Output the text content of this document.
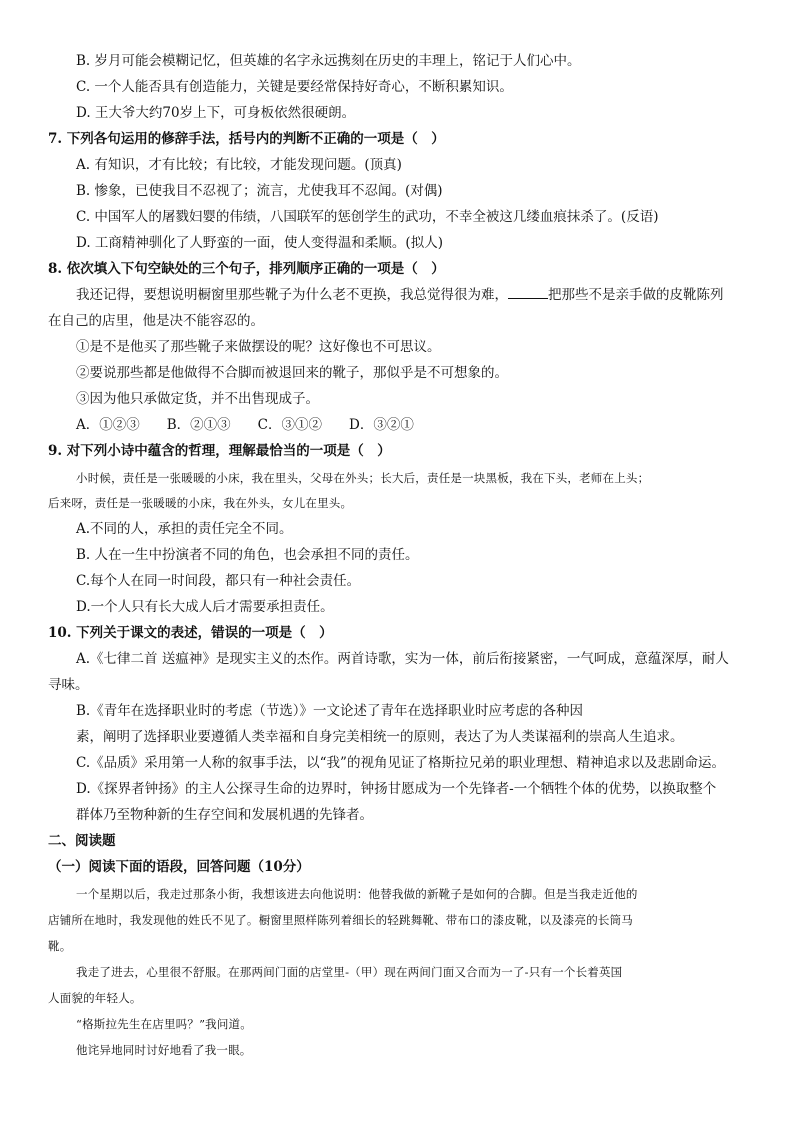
B. 岁月可能会模糊记忆，但英雄的名字永远携刻在历史的丰理上，铭记于人们心中。
C. 一个人能否具有创造能力，关键是要经常保持好奇心，不断积累知识。
D. 王大爷大约70岁上下，可身板依然很硬朗。
7. 下列各句运用的修辞手法，括号内的判断不正确的一项是（　）
A. 有知识，才有比较；有比较，才能发现问题。(顶真)
B. 惨象，已使我目不忍视了；流言，尤使我耳不忍闻。(对偶)
C. 中国军人的屠戮妇婴的伟绩，八国联军的惩创学生的武功，不幸全被这几缕血痕抹杀了。(反语)
D. 工商精神驯化了人野蛮的一面，使人变得温和柔顺。(拟人)
8. 依次填入下句空缺处的三个句子，排列顺序正确的一项是（　）
我还记得，要想说明橱窗里那些靴子为什么老不更换，我总觉得很为难，	把那些不是亲手做的皮靴陈列
在自己的店里，他是决不能容忍的。
①是不是他买了那些靴子来做摆设的呢？这好像也不可思议。
②要说那些都是他做得不合脚而被退回来的靴子，那似乎是不可想象的。
③因为他只承做定货，并不出售现成子。
A．①②③　　B．②①③　　C．③①②　　D．③②①
9. 对下列小诗中蕴含的哲理，理解最恰当的一项是（　）
小时候，责任是一张暖暖的小床，我在里头，父母在外头；长大后，责任是一块黑板，我在下头，老师在上头；
后来呀，责任是一张暖暖的小床，我在外头，女儿在里头。
A.不同的人，承担的责任完全不同。
B. 人在一生中扮演者不同的角色，也会承担不同的责任。
C.每个人在同一时间段，都只有一种社会责任。
D.一个人只有长大成人后才需要承担责任。
10. 下列关于课文的表述，错误的一项是（　）
A.《七律二首 送瘟神》是现实主义的杰作。两首诗歌，实为一体，前后衔接紧密，一气呵成，意蕴深厚，耐人
寻味。
B.《青年在选择职业时的考虑（节选）》一文论述了青年在选择职业时应考虑的各种因
素，阐明了选择职业要遵循人类幸福和自身完美相统一的原则，表达了为人类谋福利的崇高人生追求。
C.《品质》采用第一人称的叙事手法，以“我”的视角见证了格斯拉兄弟的职业理想、精神追求以及悲剧命运。
D.《探界者钟扬》的主人公探寻生命的边界时，钟扬甘愿成为一个先锋者-一个牺牲个体的优势，以换取整个
群体乃至物种新的生存空间和发展机遇的先锋者。
二、阅读题
（一）阅读下面的语段，回答问题（10分）
一个星期以后，我走过那条小街，我想该进去向他说明：他替我做的新靴子是如何的合脚。但是当我走近他的
店铺所在地时，我发现他的姓氏不见了。橱窗里照样陈列着细长的轻跳舞靴、带布口的漆皮靴，以及漆亮的长筒马
靴。
我走了进去，心里很不舒服。在那两间门面的店堂里-（甲）现在两间门面又合而为一了-只有一个长着英国
人面貌的年轻人。
“格斯拉先生在店里吗？”我问道。
他诧异地同时讨好地看了我一眼。
